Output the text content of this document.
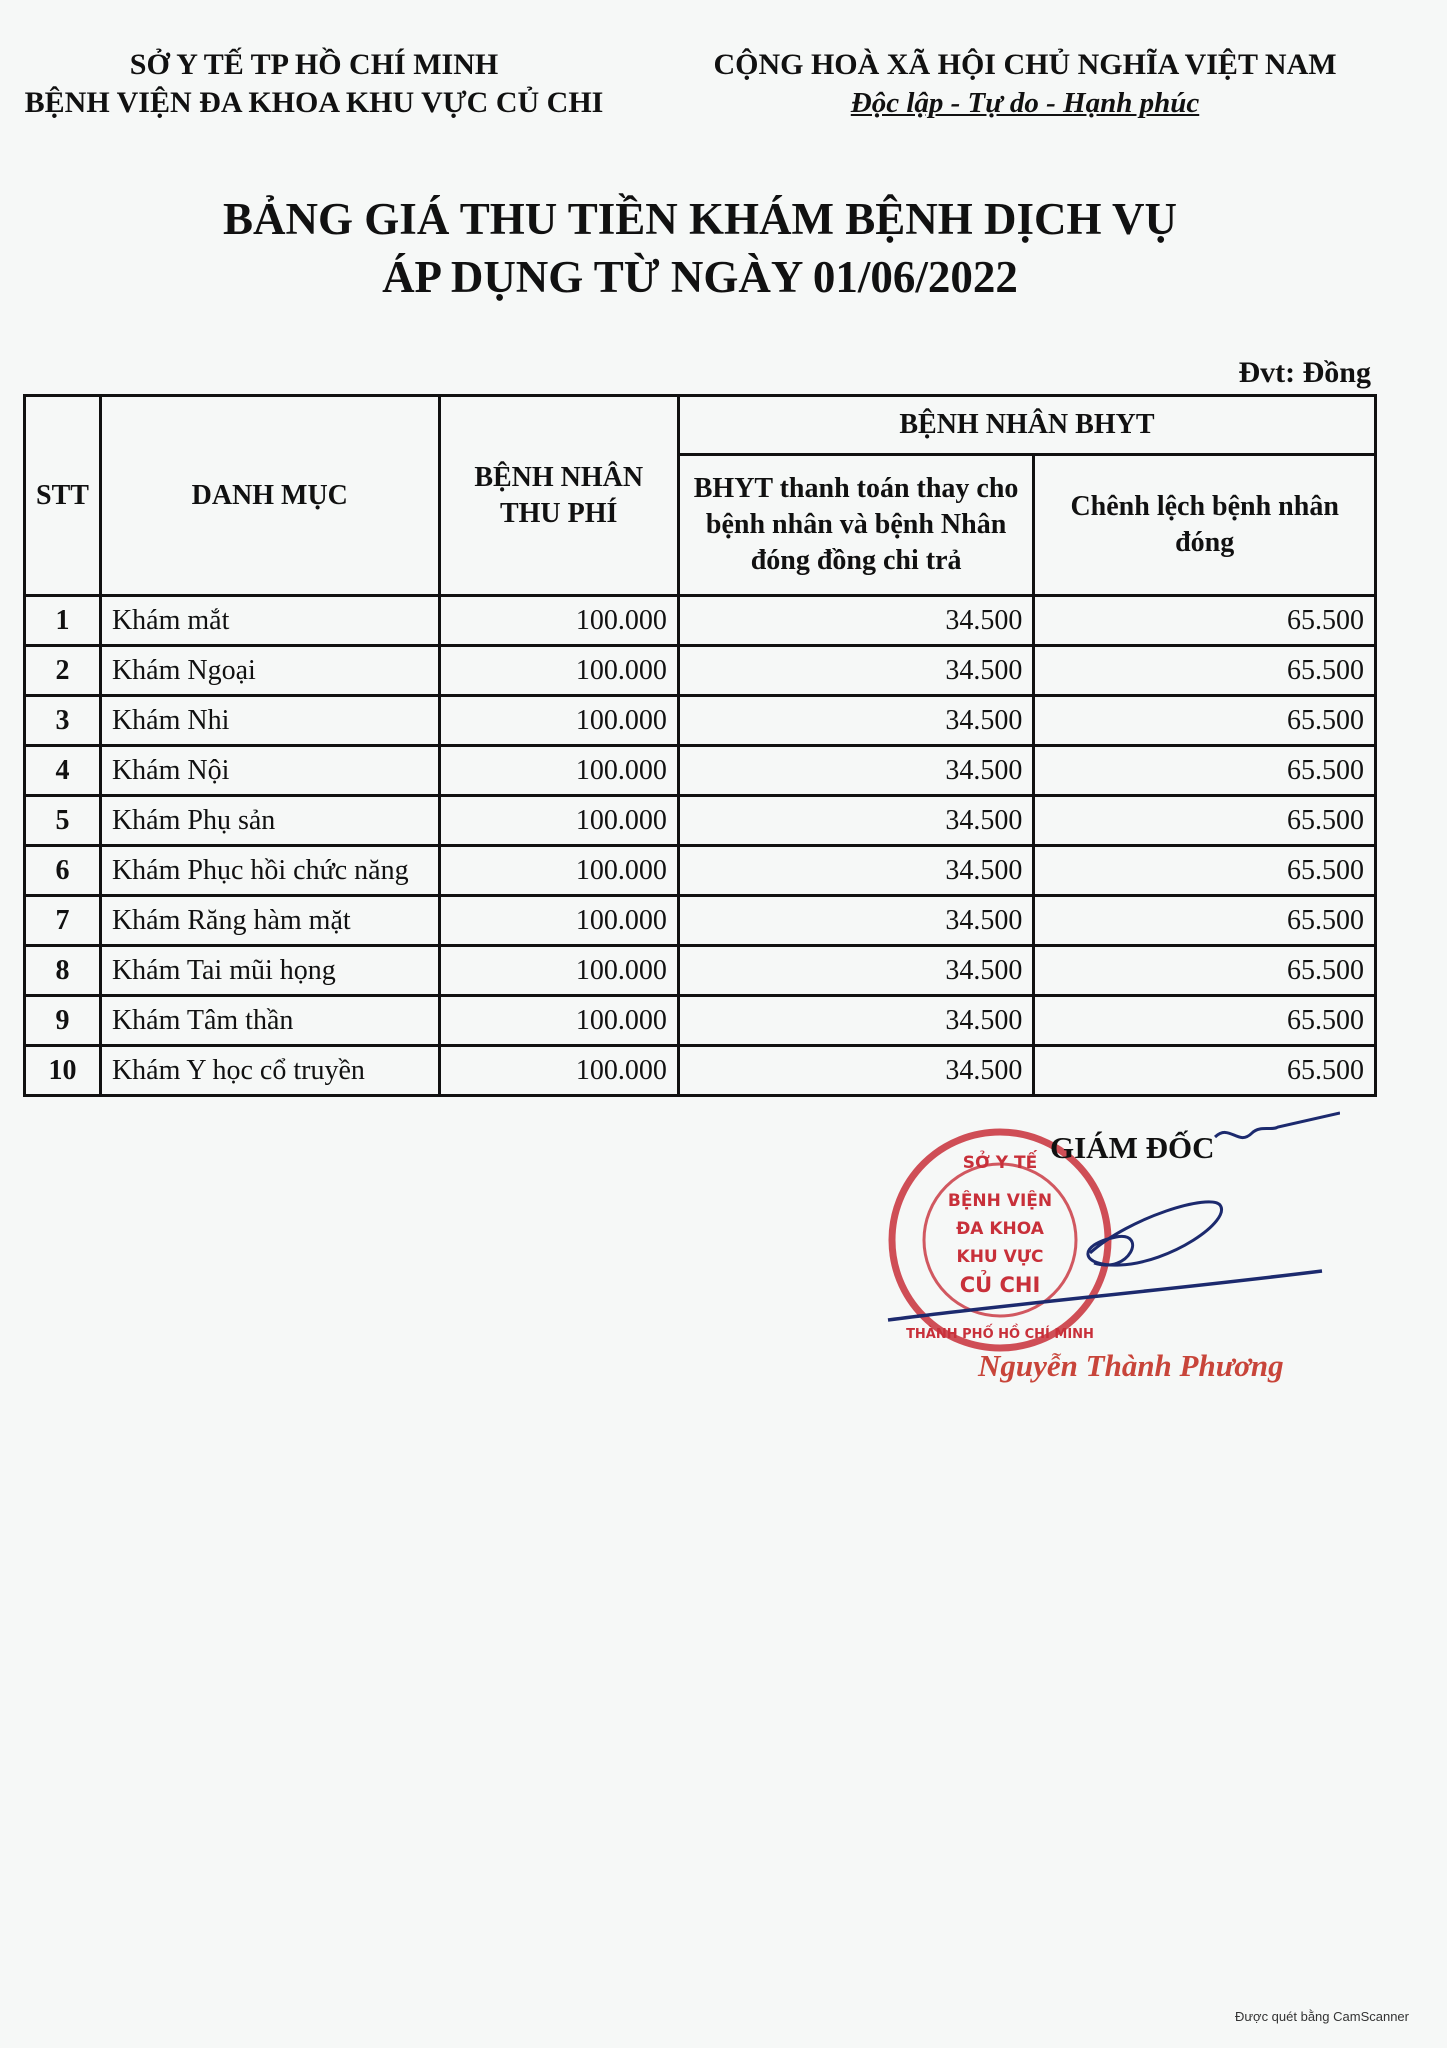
SỞ Y TẾ TP HỒ CHÍ MINH
BỆNH VIỆN ĐA KHOA KHU VỰC CỦ CHI
CỘNG HOÀ XÃ HỘI CHỦ NGHĨA VIỆT NAM
Độc lập - Tự do - Hạnh phúc
BẢNG GIÁ THU TIỀN KHÁM BỆNH DỊCH VỤ
ÁP DỤNG TỪ NGÀY 01/06/2022
Đvt: Đồng
STT	DANH MỤC	BỆNH NHÂN THU PHÍ	BỆNH NHÂN BHYT	
			BHYT thanh toán thay cho bệnh nhân và bệnh Nhân đóng đồng chi trả	Chênh lệch bệnh nhân đóng
1	Khám mắt	100.000	34.500	65.500
2	Khám Ngoại	100.000	34.500	65.500
3	Khám Nhi	100.000	34.500	65.500
4	Khám Nội	100.000	34.500	65.500
5	Khám Phụ sản	100.000	34.500	65.500
6	Khám Phục hồi chức năng	100.000	34.500	65.500
7	Khám Răng hàm mặt	100.000	34.500	65.500
8	Khám Tai mũi họng	100.000	34.500	65.500
9	Khám Tâm thần	100.000	34.500	65.500
10	Khám Y học cổ truyền	100.000	34.500	65.500
SỞ Y TẾ
BỆNH VIỆN
ĐA KHOA
KHU VỰC
CỦ CHI
THÀNH PHỐ HỒ CHÍ MINH
GIÁM ĐỐC
Nguyễn Thành Phương
Được quét bằng CamScanner
